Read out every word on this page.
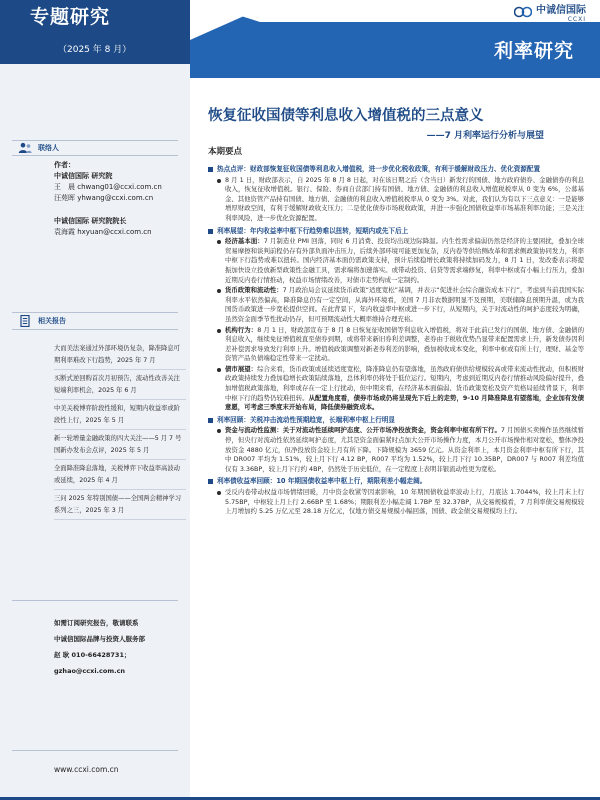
专题研究
（2025 年 8 月）
中诚信国际
CCXI
利率研究
联络人
作者：
中诚信国际 研究院
王　晨 chwang01@ccxi.com.cn
汪苑晖 yhwang@ccxi.com.cn
中诚信国际 研究院院长
袁海霞 hxyuan@ccxi.com.cn
相关报告
大而美法案通过外部环境仍复杂，降准降息可期利率难改下行趋势，2025 年 7 月
买断式逆回购首次月初预告，流动性改善关注短端利率机会，2025 年 6 月
中美关税博弈阶段性缓和，短期内收益率或阶段性上行，2025 年 5 月
新一轮增量金融政策的四大关注——5 月 7 号国新办发布会点评，2025 年 5 月
全面降准降息落地，关税博弈下收益率高波动或延续，2025 年 4 月
三问 2025 年特别国债——全国两会精神学习系列之三，2025 年 3 月
如需订阅研究报告，敬请联系
中诚信国际品牌与投资人服务部
赵 耿 010-66428731；
gzhao@ccxi.com.cn
www.ccxi.com.cn
恢复征收国债等利息收入增值税的三点意义
——7 月利率运行分析与展望
本期要点
热点点评：财政部恢复征收国债等利息收入增值税，进一步优化税收政策，有利于缓解财政压力、优化资源配置
8 月 1 日，财政部表示，自 2025 年 8 月 8 日起，对在该日期之后（含当日）新发行的国债、地方政府债券、金融债券的利息收入，恢复征收增值税。银行、保险、券商自营部门持有国债、地方债、金融债的利息收入增值税税率从 0 变为 6%，公募基金、其他资管产品持有国债、地方债、金融债的利息收入增值税税率从 0 变为 3%。对此，我们认为有以下三点意义：一是能够增厚财政空间，有利于缓解财政收支压力；二是优化债券市场税收政策，并进一步强化国债收益率市场基准利率功能；三是关注利率风险，进一步优化资源配置。
利率展望：年内收益率中枢下行趋势难以扭转，短期内或先下后上
经济基本面：7 月制造业 PMI 回落，同时 6 月消费、投资均出现边际降温。内生性需求偏弱仍然是经济的主要困扰，叠加全球贸易摩擦和谈判前程仍存有外部负面冲击压力，后续外部环境可能更加复杂，反内卷等供给侧改革和需求侧政策协同发力，利率中枢下行趋势或难以扭转。国内经济基本面仍需政策支持，预计后续稳增长政策将持续加码发力，8 月 1 日，发改委表示将提振加快设立投放新型政策性金融工具，需求端将加速落实。或带动投资、信贷等需求端修复，利率中枢或有小幅上行压力，叠加近期反内卷行情推动，权益市场情绪改善，对债市走势构成一定制约。
货币政策和流动性：7 月政治局会议延续货币政策“适度宽松”基调，并表示“促进社会综合融资成本下行”，考虑到当前我国实际利率水平依然偏高，降准降息仍有一定空间，从海外环境看，美国 7 月非农数据明显不及预期，美联储降息预期升温，或为我国货币政策进一步宽松提供空间。在此背景下，年内收益率中枢或进一步下行，从短期内，关于对流动性的呵护态度较为明确，虽然资金面季节性扰动仍存，但可预期流动性大概率维持合理充裕。
机构行为：8 月 1 日，财政部宣布于 8 月 8 日恢复征收国债等利息收入增值税，将对于此前已发行的国债、地方债、金融债的利息收入，继续免征增值税直至债券到期，或将带来新旧券利差调整，老券由于税收优势凸显带来配置需求上升，新发债券因利差补偿需求导致发行利率上升。增值税政策调整对新老券利差的影响，叠加税收成本变化，利率中枢或有所上行，理财、基金等资管产品负债端稳定性带来一定扰动。
债市展望：综合来看，货币政策或延续适度宽松，降准降息仍有望落地，虽然政府债供给规模较高或带来流动性扰动，但积极财政政策持续发力叠加稳增长政策陆续落地，总体利率仍将处于低位运行。短期内，考虑到近期反内卷行情推动风险偏好提升，叠加增值税政策落地，利率或存在一定上行扰动，但中期来看，在经济基本面偏弱、货币政策宽松及资产荒格局延续背景下，利率中枢下行的趋势仍较难扭转。从配置角度看，债券市场或仍将呈现先下后上的走势，9-10 月降准降息有望落地，企业加有发债意愿，可考虑三季度末开始布局，降低债券融资成本。
利率回顾：关税冲击流动性预期趋宽，长端利率中枢上行明显
资金与流动性监测：关于对流动性延续呵护态度、公开市场净投放资金，资金利率中枢有所下行。7 月国债买卖操作虽然继续暂停，但央行对流动性依然延续呵护态度，尤其是资金面偏紧时点加大公开市场操作力度，本月公开市场操作相对宽松，整体净投放资金 4880 亿元，但净投放资金较上月有所下降。下降规模为 3659 亿元。从资金利率上，本月资金利率中枢有所下行，其中 DR007 平均为 1.51%，较上月下行 4.12 BP，R007 平均为 1.52%，较上月下行 10.35BP，DR007 与 R007 利差均值仅有 3.36BP，较上月下行约 4BP，仍然处于历史低位，在一定程度上表明非银流动性更为宽松。
利率债收益率回顾：10 年期国债收益率中枢上行，期限利差小幅走阔。
受反内卷带动权益市场情绪回暖，月中资金收紧等因素影响，10 年期国债收益率波动上行，月底达 1.7044%，较上月末上行 5.75BP，中枢较上月上行 2.66BP 至 1.68%；期限利差小幅走阔 1.7BP 至 32.37BP，从交易规模看，7 月利率债交易规模较上月增加约 5.25 万亿元至 28.18 万亿元，仅地方债交易规模小幅回落，国债、政金债交易规模均上行。
